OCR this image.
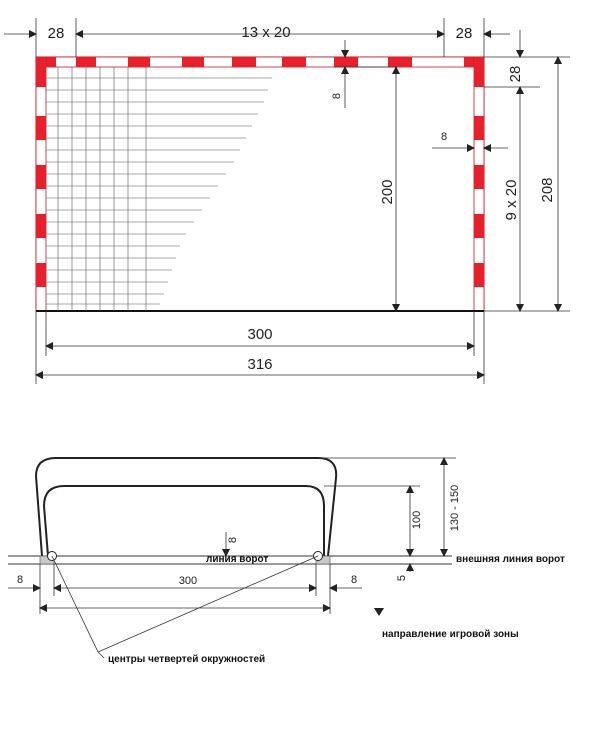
28	13 x 20	28
8
200
8
28
9 x 20 208
300
316
100 130 - 150
5
8
линия ворот	внешняя линия ворот
300
8	8
направление игровой зоны
центры четвертей окружностей
